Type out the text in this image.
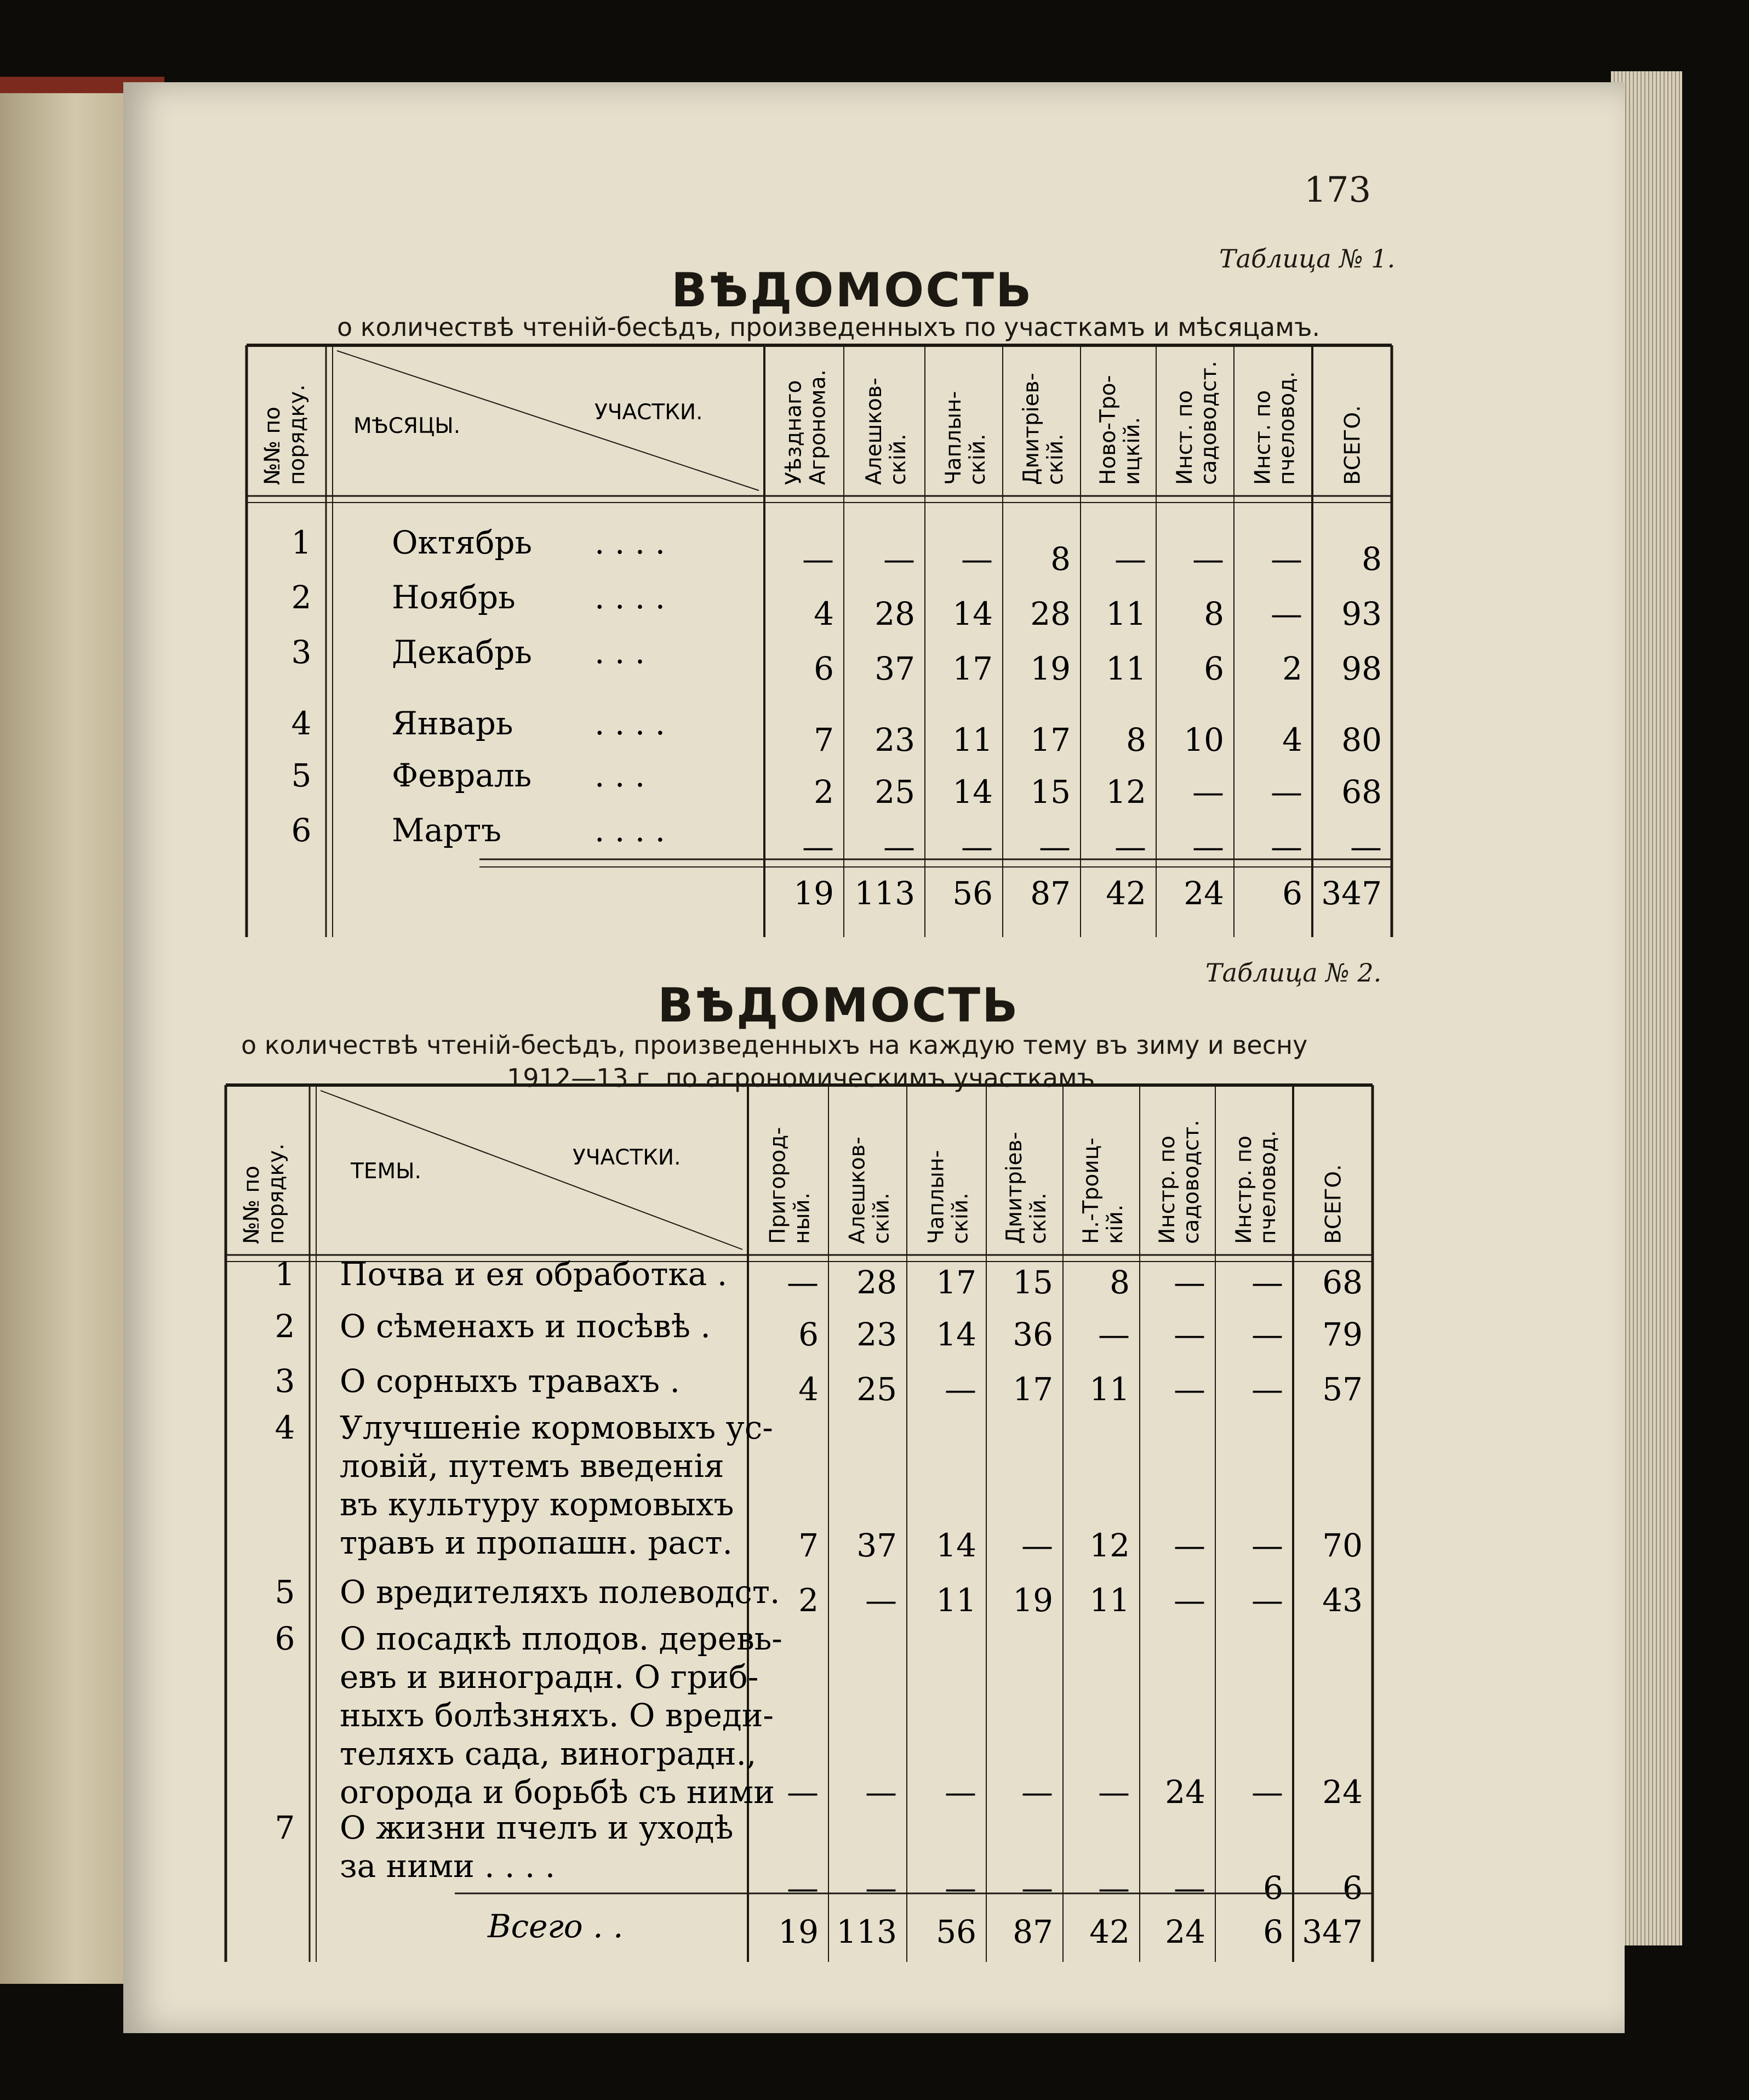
173
Таблица № 1.
ВѢДОМОСТЬ
о количествѣ чтенiй-бесѣдъ, произведенныхъ по участкамъ и мѣсяцамъ.
Таблица № 2.
ВѢДОМОСТЬ
о количествѣ чтенiй-бесѣдъ, произведенныхъ на каждую тему въ зиму и весну
1912—13 г. по агрономическимъ участкамъ.
№№ по порядку. МѢСЯЦЫ.
УЧАСТКИ.	Уѣзднаго Агронома. Алешков- скiй. Чаплын- скiй. Дмитрiев- скiй. Ново-Тро- ицкiй. Инст. по садоводст. Инст. по пчеловод. ВСЕГО.
1	Октябрь . . . .	— — — 8 — — — 8
2	Ноябрь . . . .	4 28 14 28 11 8 — 93
3	Декабрь . . .	6 37 17 19 11 6 2 98
4	Январь	. . . .	7 23 11 17 8 10 4 80
5	Февраль . . .	2 25 14 15 12 — — 68
6	Мартъ	. . . .	— — — — — — — —
19 113 56 87 42 24 6 347
№№ по порядку.	ТЕМЫ.
УЧАСТКИ.	Пригород- ный. Алешков- скiй. Чаплын- скiй. Дмитрiев- скiй. Н.-Троиц- кiй. Инстр. по садоводст. Инстр. по пчеловод. ВСЕГО.
1 Почва и ея обработка . — 28 17 15 8 — — 68
2 О сѣменахъ и посѣвѣ .	6 23 14 36 — — — 79
3 О сорныхъ травахъ .	4 25 — 17 11 — — 57
4 Улучшенiе кормовыхъ ус-
ловiй, путемъ введенiя
въ культуру кормовыхъ
травъ и пропашн. раст. 7 37 14 — 12 — — 70
5 О вредителяхъ полеводст. 2 — 11 19 11 — — 43
6 О посадкѣ плодов. деревь-
евъ и виноградн. О гриб-
ныхъ болѣзняхъ. О вреди-
теляхъ сада, виноградн.,
огорода и борьбѣ съ ними — — — — — 24 — 24
7 О жизни пчелъ и уходѣ
за ними . . . .
— — — — — — 6 6
Всего . .	19 113 56 87 42 24 6 347
